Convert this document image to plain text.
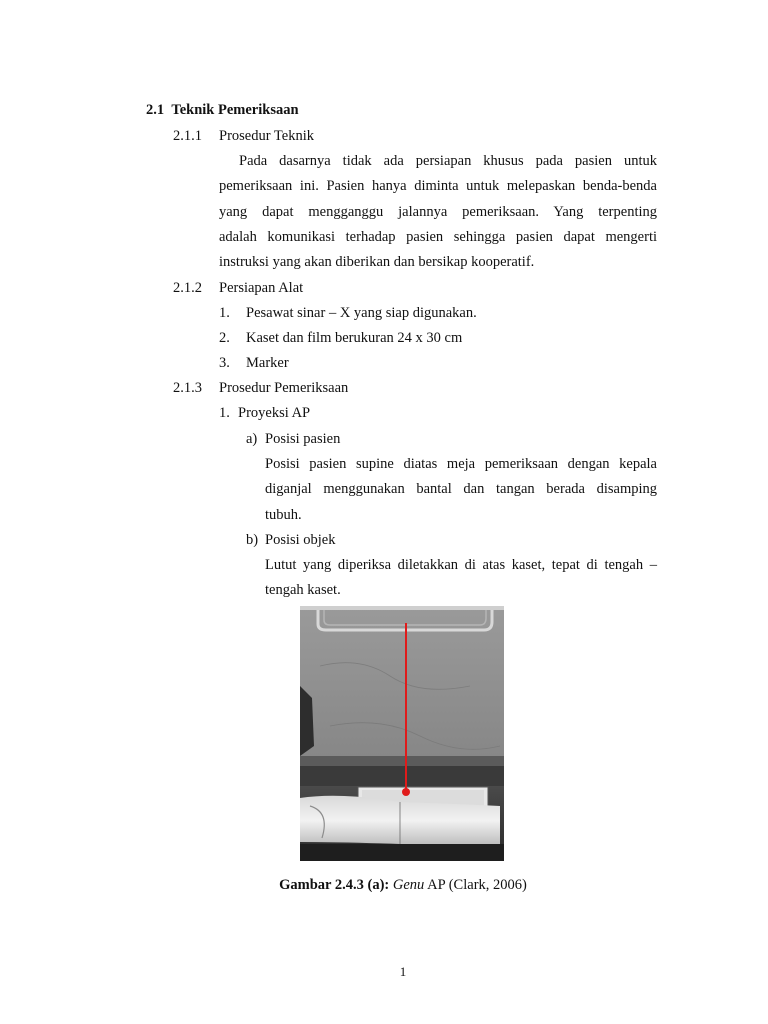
2.1 Teknik Pemeriksaan
2.1.1 Prosedur Teknik
Pada dasarnya tidak ada persiapan khusus pada pasien untuk
pemeriksaan ini. Pasien hanya diminta untuk melepaskan benda-benda
yang dapat mengganggu jalannya pemeriksaan. Yang terpenting
adalah komunikasi terhadap pasien sehingga pasien dapat mengerti
instruksi yang akan diberikan dan bersikap kooperatif.
2.1.2 Persiapan Alat
1. Pesawat sinar – X yang siap digunakan.
2. Kaset dan film berukuran 24 x 30 cm
3. Marker
2.1.3 Prosedur Pemeriksaan
1. Proyeksi AP
a) Posisi pasien
Posisi pasien supine diatas meja pemeriksaan dengan kepala
diganjal menggunakan bantal dan tangan berada disamping
tubuh.
b) Posisi objek
Lutut yang diperiksa diletakkan di atas kaset, tepat di tengah –
tengah kaset.
Gambar 2.4.3 (a): Genu AP (Clark, 2006)
1
